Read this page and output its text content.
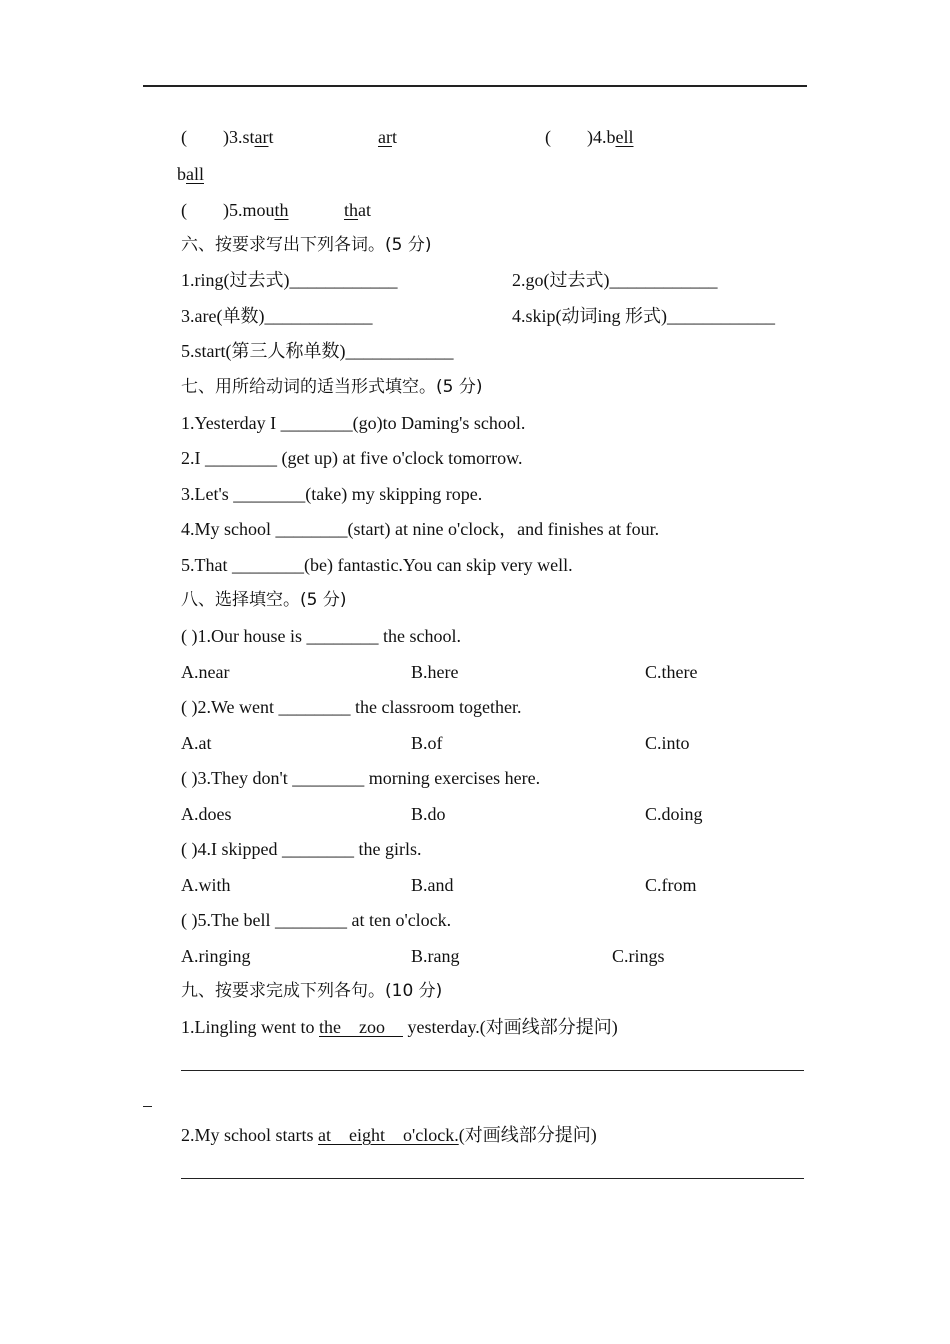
( )3.start	art	( )4.bell
ball
( )5.mouth	that
六、按要求写出下列各词。(5 分)
1.ring(过去式)____________	2.go(过去式)____________
3.are(单数)____________	4.skip(动词ing 形式)____________
5.start(第三人称单数)____________
七、用所给动词的适当形式填空。(5 分)
1.Yesterday I ________(go)to Daming's school.
2.I ________ (get up) at five o'clock tomorrow.
3.Let's ________(take) my skipping rope.
4.My school ________(start) at nine o'clock，and finishes at four.
5.That ________(be) fantastic.You can skip very well.
八、选择填空。(5 分)
( )1.Our house is ________ the school.
A.near	B.here	C.there
( )2.We went ________ the classroom together.
A.at	B.of	C.into
( )3.They don't ________ morning exercises here.
A.does	B.do	C.doing
( )4.I skipped ________ the girls.
A.with	B.and	C.from
( )5.The bell ________ at ten o'clock.
A.ringing	B.rang	C.rings
九、按要求完成下列各句。(10 分)
1.Lingling went to the    zoo     yesterday.(对画线部分提问)
2.My school starts at    eight    o'clock.(对画线部分提问)
